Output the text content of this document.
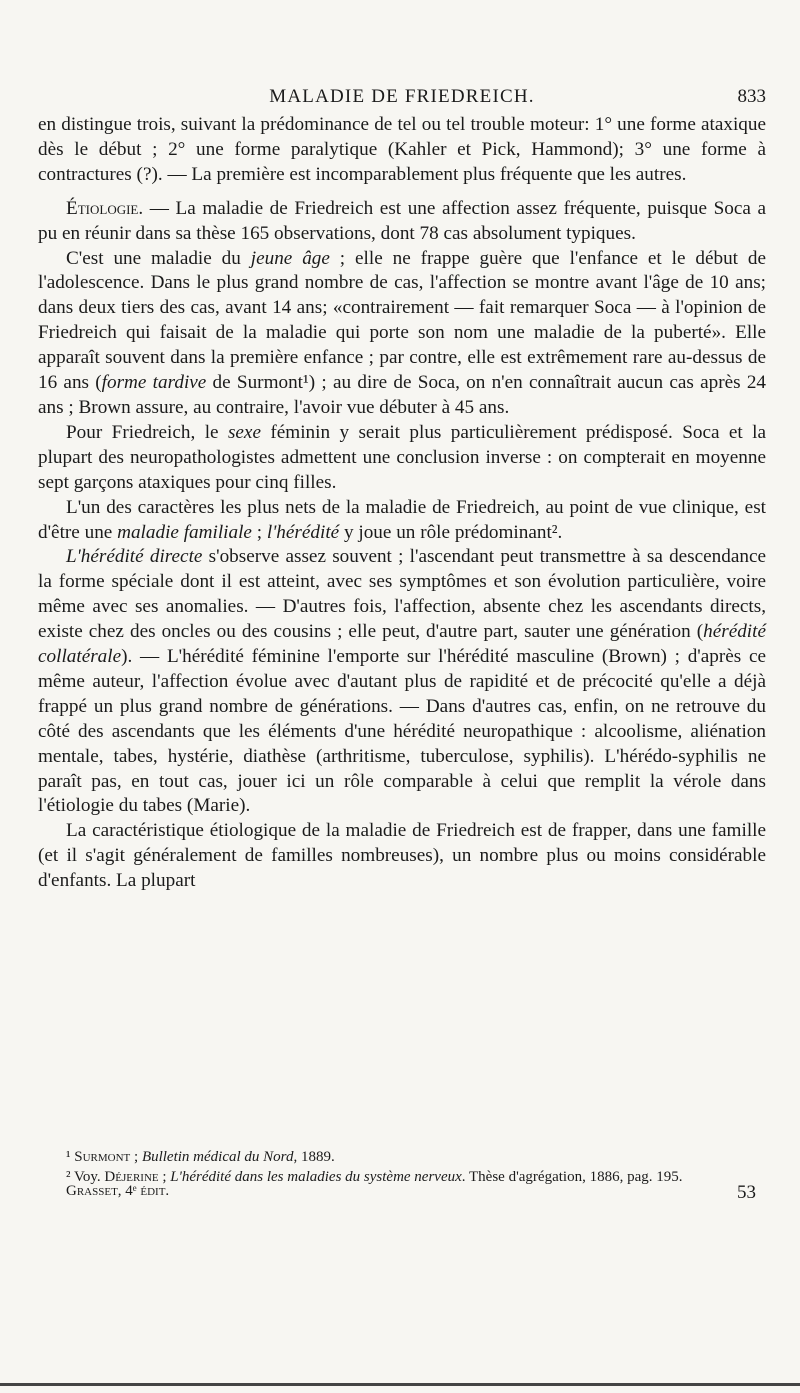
MALADIE DE FRIEDREICH.	833

en distingue trois, suivant la prédominance de tel ou tel trouble moteur: 1° une forme ataxique dès le début ; 2° une forme paralytique (Kahler et Pick, Hammond); 3° une forme à contractures (?). — La première est incomparablement plus fréquente que les autres.

Étiologie. — La maladie de Friedreich est une affection assez fréquente, puisque Soca a pu en réunir dans sa thèse 165 observations, dont 78 cas absolument typiques.

C'est une maladie du jeune âge ; elle ne frappe guère que l'enfance et le début de l'adolescence. Dans le plus grand nombre de cas, l'affection se montre avant l'âge de 10 ans; dans deux tiers des cas, avant 14 ans; «contrairement — fait remarquer Soca — à l'opinion de Friedreich qui faisait de la maladie qui porte son nom une maladie de la puberté». Elle apparaît souvent dans la première enfance ; par contre, elle est extrêmement rare au-dessus de 16 ans (forme tardive de Surmont¹) ; au dire de Soca, on n'en connaîtrait aucun cas après 24 ans ; Brown assure, au contraire, l'avoir vue débuter à 45 ans.

Pour Friedreich, le sexe féminin y serait plus particulièrement prédisposé. Soca et la plupart des neuropathologistes admettent une conclusion inverse : on compterait en moyenne sept garçons ataxiques pour cinq filles.

L'un des caractères les plus nets de la maladie de Friedreich, au point de vue clinique, est d'être une maladie familiale ; l'hérédité y joue un rôle prédominant².

L'hérédité directe s'observe assez souvent ; l'ascendant peut transmettre à sa descendance la forme spéciale dont il est atteint, avec ses symptômes et son évolution particulière, voire même avec ses anomalies. — D'autres fois, l'affection, absente chez les ascendants directs, existe chez des oncles ou des cousins ; elle peut, d'autre part, sauter une génération (hérédité collatérale). — L'hérédité féminine l'emporte sur l'hérédité masculine (Brown) ; d'après ce même auteur, l'affection évolue avec d'autant plus de rapidité et de précocité qu'elle a déjà frappé un plus grand nombre de générations. — Dans d'autres cas, enfin, on ne retrouve du côté des ascendants que les éléments d'une hérédité neuropathique : alcoolisme, aliénation mentale, tabes, hystérie, diathèse (arthritisme, tuberculose, syphilis). L'hérédo-syphilis ne paraît pas, en tout cas, jouer ici un rôle comparable à celui que remplit la vérole dans l'étiologie du tabes (Marie).

La caractéristique étiologique de la maladie de Friedreich est de frapper, dans une famille (et il s'agit généralement de familles nombreuses), un nombre plus ou moins considérable d'enfants. La plupart

¹ Surmont ; Bulletin médical du Nord, 1889.

² Voy. Déjerine ; L'hérédité dans les maladies du système nerveux. Thèse d'agrégation, 1886, pag. 195.

Grasset, 4ᵉ édit.	53
